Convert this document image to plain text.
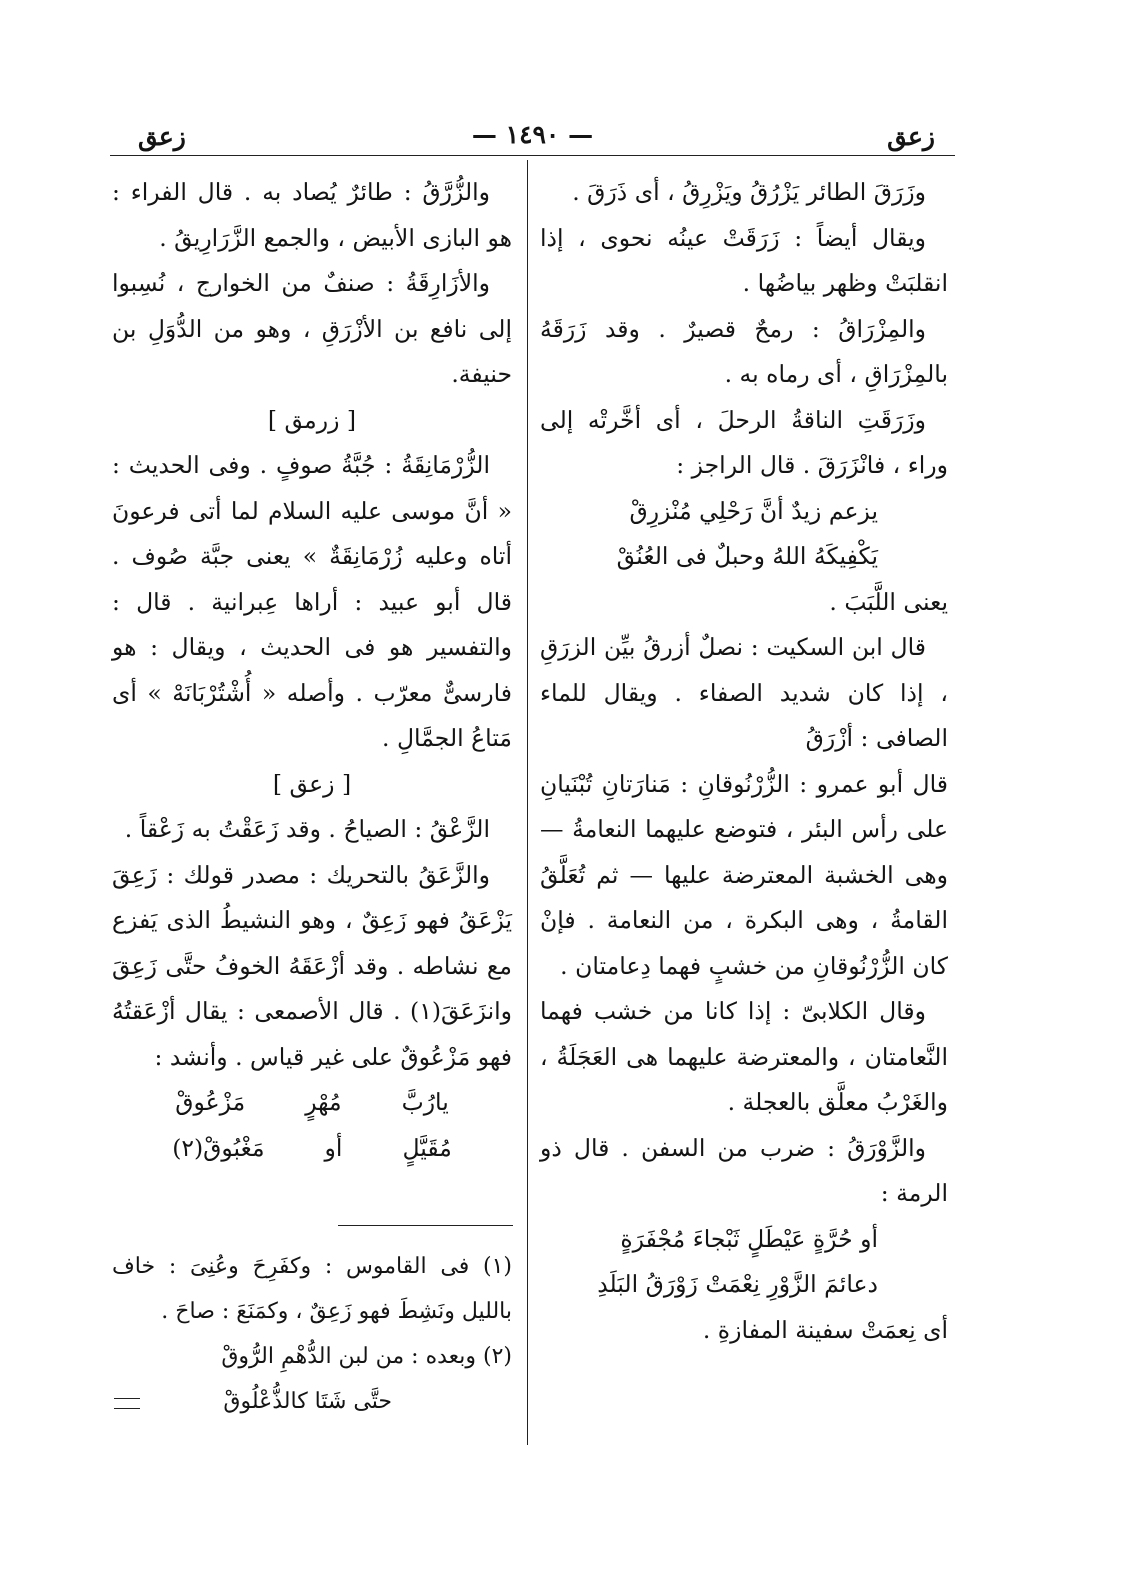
زعق
— ١٤٩٠ —
زعق

وزَرَقَ الطائر يَزْرُقُ ويَزْرِقُ ، أى ذَرَقَ .

ويقال أيضاً : زَرَقَتْ عينُه نحوى ، إذا انقلبَتْ وظهر بياضُها .

والمِزْرَاقُ : رمحٌ قصيرٌ . وقد زَرَقَهُ بالمِزْرَاقِ ، أى رماه به .

وزَرَقَتِ الناقةُ الرحلَ ، أى أخَّرتْه إلى وراء ، فانْزَرَقَ . قال الراجز :

يزعم زيدٌ أنَّ رَحْلِي مُنْزرِقْ

يَكْفِيكَهُ اللهُ وحبلٌ فى العُنُقْ

يعنى اللَّبَبَ .

قال ابن السكيت : نصلٌ أزرقُ بيِّن الزرَقِ ، إذا كان شديد الصفاء . ويقال للماء الصافى : أزْرَقُ

قال أبو عمرو : الزُّرْنُوقانِ : مَنارَتانِ تُبْنَيانِ على رأس البئر ، فتوضع عليهما النعامةُ — وهى الخشبة المعترضة عليها — ثم تُعَلَّقُ القامةُ ، وهى البكرة ، من النعامة . فإنْ كان الزُّرْنُوقانِ من خشبٍ فهما دِعامتان .

وقال الكلابىّ : إذا كانا من خشب فهما النَّعامتان ، والمعترضة عليهما هى العَجَلَةُ ، والغَرْبُ معلَّق بالعجلة .

والزَّوْرَقُ : ضرب من السفن . قال ذو الرمة :

أو حُرَّةٍ عَيْطَلٍ ثَبْجاءَ مُجْفَرَةٍ

دعائمَ الزَّوْرِ نِعْمَتْ زَوْرَقُ البَلَدِ

أى نِعمَتْ سفينة المفازةِ .

والزُّرَّقُ : طائرٌ يُصاد به . قال الفراء : هو البازى الأبيض ، والجمع الزَّرَارِيقُ .

والأزَارِقَةُ : صنفٌ من الخوارج ، نُسِبوا إلى نافع بن الأزْرَقِ ، وهو من الدُّوَلِ بن حنيفة.

[ زرمق ]

الزُّرْمَانِقَةُ : جُبَّةُ صوفٍ . وفى الحديث : « أنَّ موسى عليه السلام لما أتى فرعونَ أتاه وعليه زُرْمَانِقَةٌ » يعنى جبَّة صُوف . قال أبو عبيد : أراها عِبرانية . قال : والتفسير هو فى الحديث ، ويقال : هو فارسىٌّ معرّب . وأصله « أُشْتُرْبَانَهْ » أى مَتاعُ الجمَّالِ .

[ زعق ]

الزَّعْقُ : الصياحُ . وقد زَعَقْتُ به زَعْقاً .

والزَّعَقُ بالتحريك : مصدر قولك : زَعِقَ يَزْعَقُ فهو زَعِقٌ ، وهو النشيطُ الذى يَفزع مع نشاطه . وقد أزْعَقَهُ الخوفُ حتَّى زَعِقَ وانزَعَقَ(١) . قال الأصمعى : يقال أزْعَقتُهُ فهو مَزْعُوقٌ على غير قياس . وأنشد :

يارُبَّ
مُهْرٍ
مَزْعُوقْ

مُقَيَّلٍ
أو
مَغْبُوقْ(٢)

(١) فى القاموس : وكفَرِحَ وعُنِىَ : خاف بالليل ونَشِطَ فهو زَعِقٌ ، وكمَنَعَ : صاحَ .

(٢) وبعده : من لبن الدُّهْمِ الرُّوقْ

حتَّى شَتَا كالذُّعْلُوقْ
